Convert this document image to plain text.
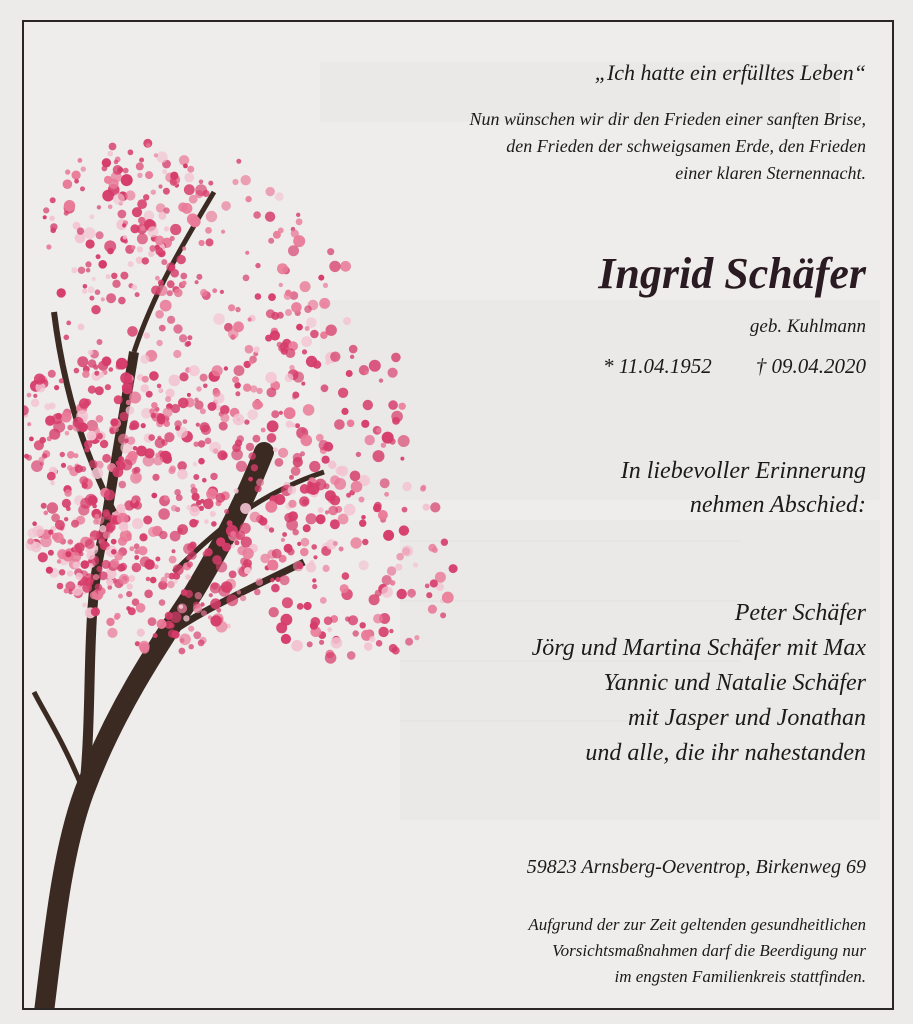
„Ich hatte ein erfülltes Leben“
Nun wünschen wir dir den Frieden einer sanften Brise,
den Frieden der schweigsamen Erde, den Frieden
einer klaren Sternennacht.
Ingrid Schäfer
geb. Kuhlmann
* 11.04.1952 † 09.04.2020
In liebevoller Erinnerung
nehmen Abschied:
Peter Schäfer
Jörg und Martina Schäfer mit Max
Yannic und Natalie Schäfer
mit Jasper und Jonathan
und alle, die ihr nahestanden
59823 Arnsberg-Oeventrop, Birkenweg 69
Aufgrund der zur Zeit geltenden gesundheitlichen
Vorsichtsmaßnahmen darf die Beerdigung nur
im engsten Familienkreis stattfinden.
